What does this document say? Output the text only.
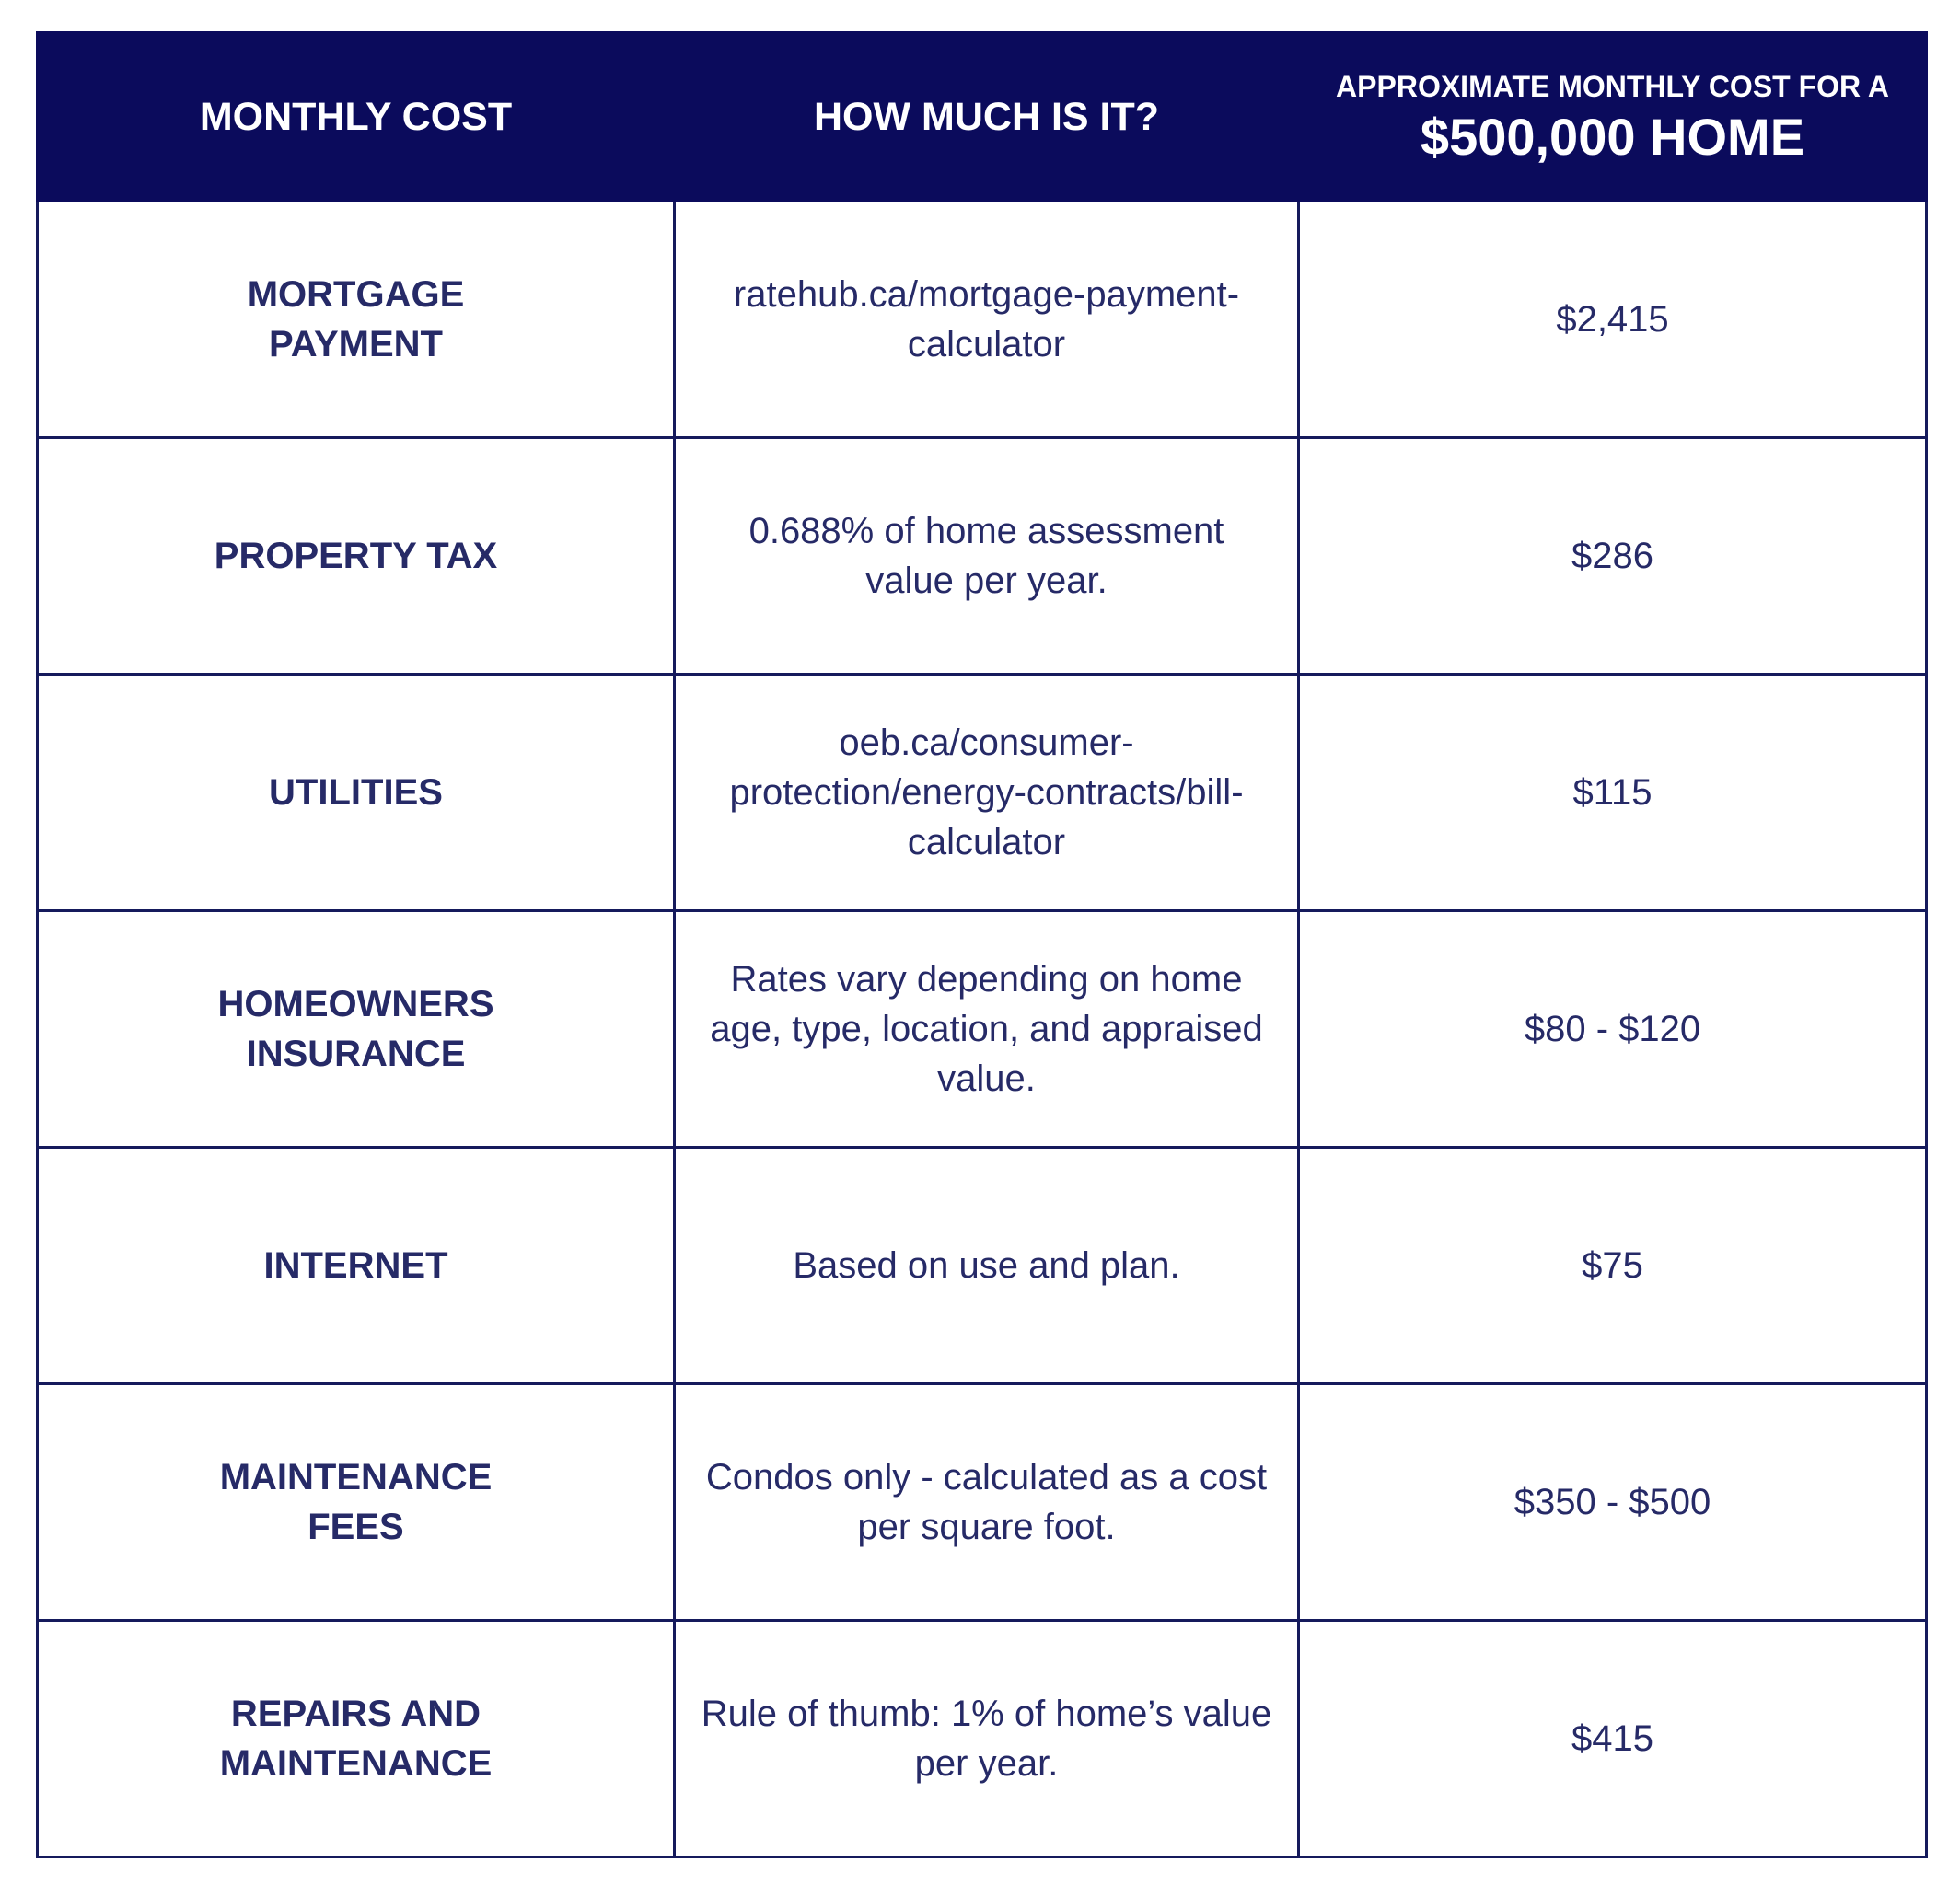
MONTHLY COST	HOW MUCH IS IT?	APPROXIMATE MONTHLY COST FOR A
$500,000 HOME

MORTGAGE PAYMENT	ratehub.ca/mortgage-payment-calculator	$2,415
PROPERTY TAX	0.688% of home assessment value per year.	$286
UTILITIES	oeb.ca/consumer-protection/energy-contracts/bill-calculator	$115
HOMEOWNERS INSURANCE	Rates vary depending on home age, type, location, and appraised value.	$80 - $120
INTERNET	Based on use and plan.	$75
MAINTENANCE FEES	Condos only - calculated as a cost per square foot.	$350 - $500
REPAIRS AND MAINTENANCE	Rule of thumb: 1% of home’s value per year.	$415
